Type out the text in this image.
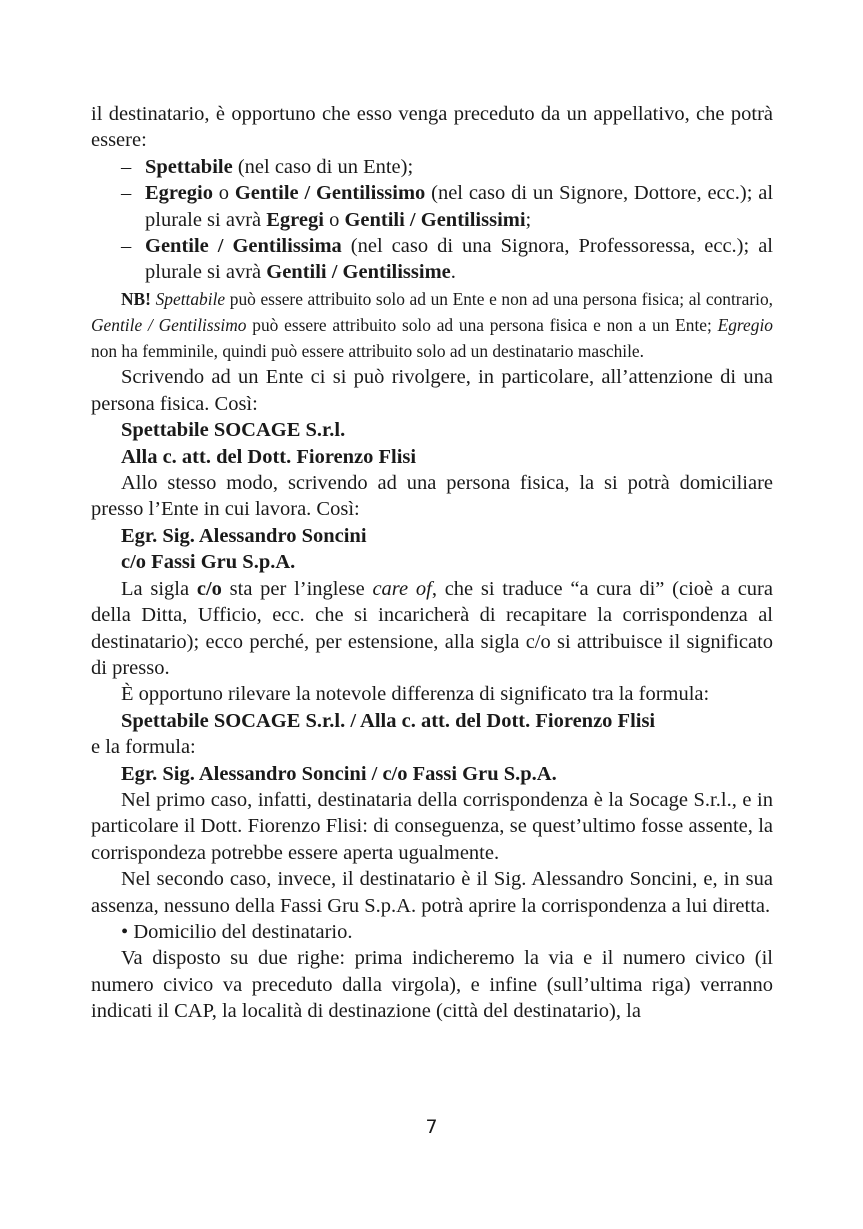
il destinatario, è opportuno che esso venga preceduto da un appellativo, che potrà essere:

– Spettabile (nel caso di un Ente);

– Egregio o Gentile / Gentilissimo (nel caso di un Signore, Dottore, ecc.); al plurale si avrà Egregi o Gentili / Gentilissimi;

– Gentile / Gentilissima (nel caso di una Signora, Professoressa, ecc.); al plurale si avrà Gentili / Gentilissime.

NB! Spettabile può essere attribuito solo ad un Ente e non ad una persona fisica; al contrario, Gentile / Gentilissimo può essere attribuito solo ad una persona fisica e non a un Ente; Egregio non ha femminile, quindi può essere attribuito solo ad un destinatario maschile.

Scrivendo ad un Ente ci si può rivolgere, in particolare, all’attenzione di una persona fisica. Così:

Spettabile SOCAGE S.r.l.

Alla c. att. del Dott. Fiorenzo Flisi

Allo stesso modo, scrivendo ad una persona fisica, la si potrà domiciliare presso l’Ente in cui lavora. Così:

Egr. Sig. Alessandro Soncini

c/o Fassi Gru S.p.A.

La sigla c/o sta per l’inglese care of, che si traduce “a cura di” (cioè a cura della Ditta, Ufficio, ecc. che si incaricherà di recapitare la corrispondenza al destinatario); ecco perché, per estensione, alla sigla c/o si attribuisce il significato di presso.

È opportuno rilevare la notevole differenza di significato tra la formula:

Spettabile SOCAGE S.r.l. / Alla c. att. del Dott. Fiorenzo Flisi

e la formula:

Egr. Sig. Alessandro Soncini / c/o Fassi Gru S.p.A.

Nel primo caso, infatti, destinataria della corrispondenza è la Socage S.r.l., e in particolare il Dott. Fiorenzo Flisi: di conseguenza, se quest’ultimo fosse assente, la corrispondeza potrebbe essere aperta ugualmente.

Nel secondo caso, invece, il destinatario è il Sig. Alessandro Soncini, e, in sua assenza, nessuno della Fassi Gru S.p.A. potrà aprire la corrispondenza a lui diretta.

• Domicilio del destinatario.

Va disposto su due righe: prima indicheremo la via e il numero civico (il numero civico va preceduto dalla virgola), e infine (sull’ultima riga) verranno indicati il CAP, la località di destinazione (città del destinatario), la

7
